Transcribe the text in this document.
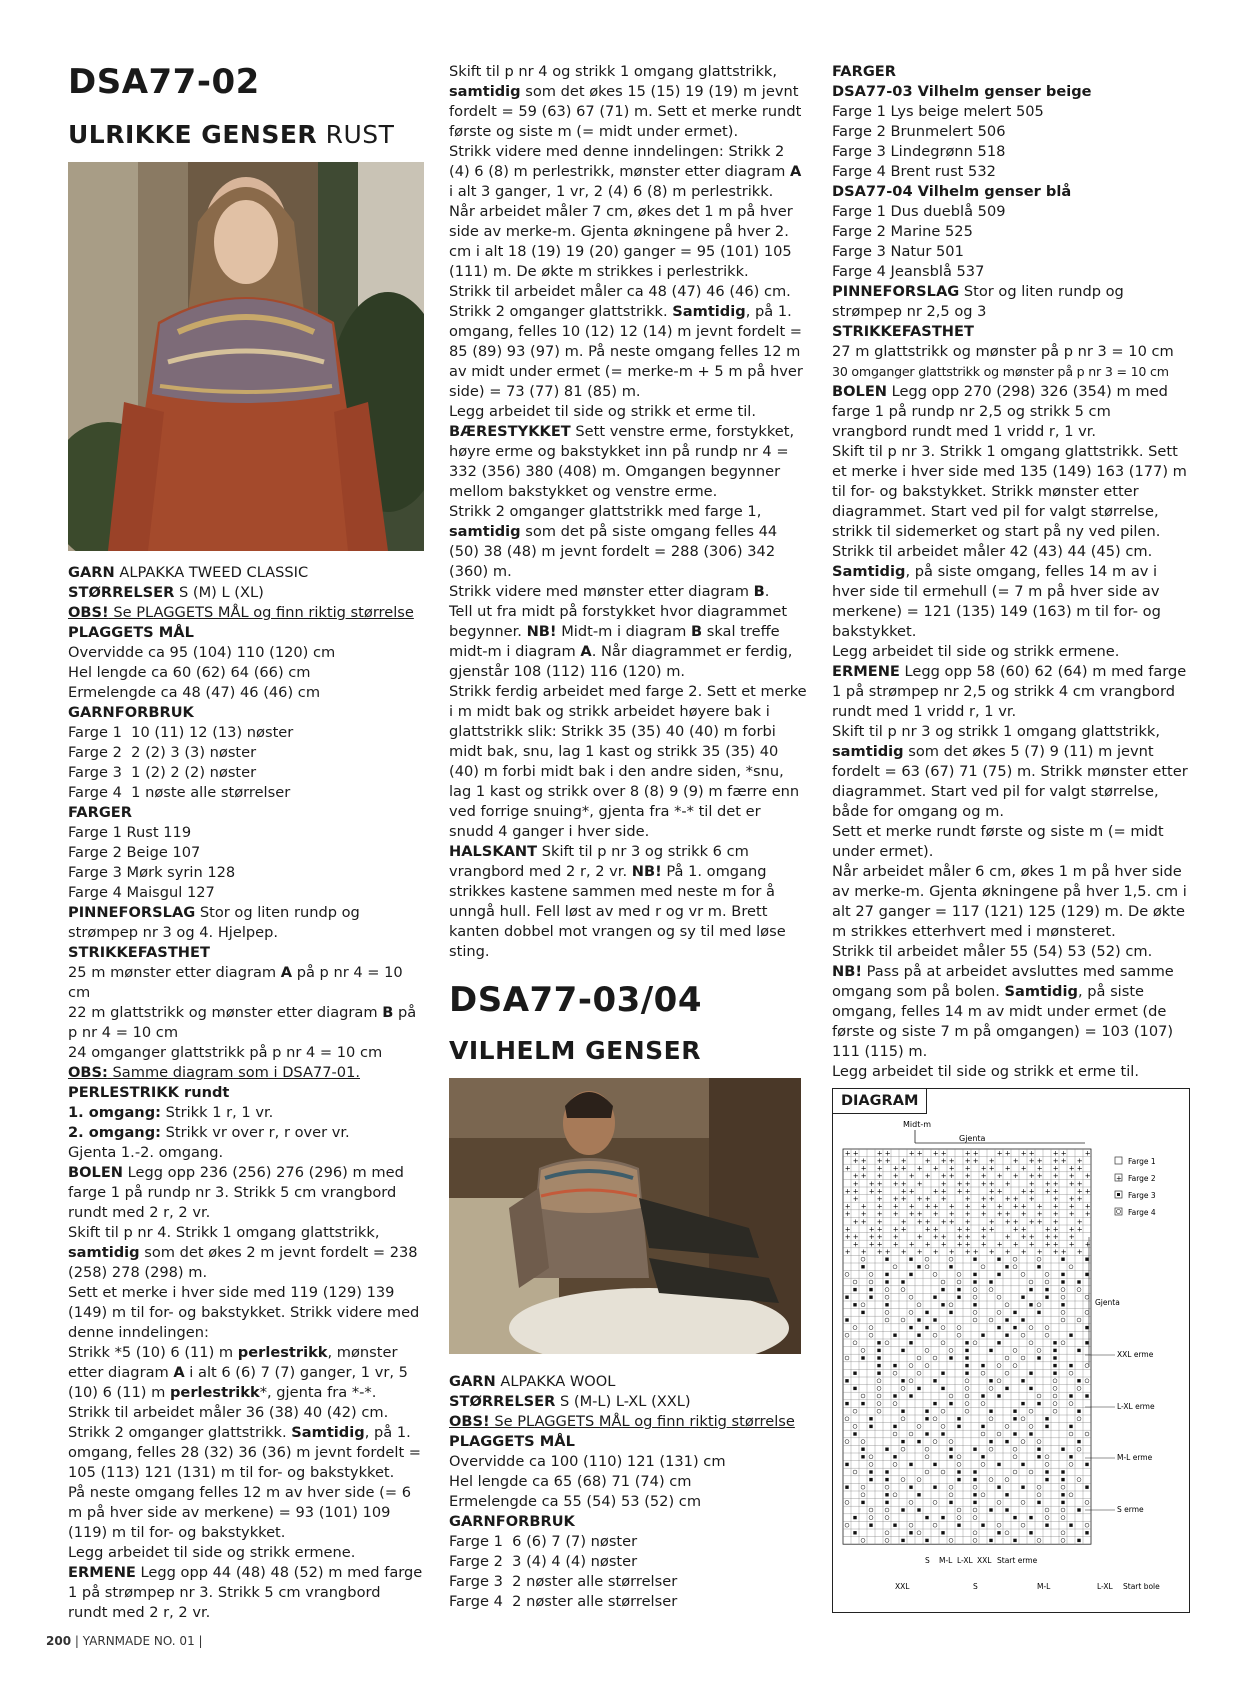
DSA77-02
ULRIKKE GENSER RUST

GARN ALPAKKA TWEED CLASSIC

STØRRELSER S (M) L (XL)

OBS! Se PLAGGETS MÅL og finn riktig størrelse

PLAGGETS MÅL

Overvidde ca 95 (104) 110 (120) cm

Hel lengde ca 60 (62) 64 (66) cm

Ermelengde ca 48 (47) 46 (46) cm

GARNFORBRUK

Farge 1  10 (11) 12 (13) nøster

Farge 2  2 (2) 3 (3) nøster

Farge 3  1 (2) 2 (2) nøster

Farge 4  1 nøste alle størrelser

FARGER

Farge 1 Rust 119

Farge 2 Beige 107

Farge 3 Mørk syrin 128

Farge 4 Maisgul 127

PINNEFORSLAG Stor og liten rundp og strømpep nr 3 og 4. Hjelpep.

STRIKKEFASTHET

25 m mønster etter diagram A på p nr 4 = 10 cm

22 m glattstrikk og mønster etter diagram B på p nr 4 = 10 cm

24 omganger glattstrikk på p nr 4 = 10 cm

OBS: Samme diagram som i DSA77-01.

PERLESTRIKK rundt

1. omgang: Strikk 1 r, 1 vr.

2. omgang: Strikk vr over r, r over vr.

Gjenta 1.-2. omgang.

BOLEN Legg opp 236 (256) 276 (296) m med farge 1 på rundp nr 3. Strikk 5 cm vrangbord rundt med 2 r, 2 vr.

Skift til p nr 4. Strikk 1 omgang glattstrikk, samtidig som det økes 2 m jevnt fordelt = 238 (258) 278 (298) m.

Sett et merke i hver side med 119 (129) 139 (149) m til for- og bakstykket. Strikk videre med denne inndelingen:

Strikk *5 (10) 6 (11) m perlestrikk, mønster etter diagram A i alt 6 (6) 7 (7) ganger, 1 vr, 5 (10) 6 (11) m perlestrikk*, gjenta fra *-*.

Strikk til arbeidet måler 36 (38) 40 (42) cm.

Strikk 2 omganger glattstrikk. Samtidig, på 1. omgang, felles 28 (32) 36 (36) m jevnt fordelt = 105 (113) 121 (131) m til for- og bakstykket.

På neste omgang felles 12 m av hver side (= 6 m på hver side av merkene) = 93 (101) 109 (119) m til for- og bakstykket.

Legg arbeidet til side og strikk ermene.

ERMENE Legg opp 44 (48) 48 (52) m med farge 1 på strømpep nr 3. Strikk 5 cm vrangbord rundt med 2 r, 2 vr.

Skift til p nr 4 og strikk 1 omgang glattstrikk, samtidig som det økes 15 (15) 19 (19) m jevnt fordelt = 59 (63) 67 (71) m. Sett et merke rundt første og siste m (= midt under ermet).

Strikk videre med denne inndelingen: Strikk 2 (4) 6 (8) m perlestrikk, mønster etter diagram A i alt 3 ganger, 1 vr, 2 (4) 6 (8) m perlestrikk.

Når arbeidet måler 7 cm, økes det 1 m på hver side av merke-m. Gjenta økningene på hver 2. cm i alt 18 (19) 19 (20) ganger = 95 (101) 105 (111) m. De økte m strikkes i perlestrikk.

Strikk til arbeidet måler ca 48 (47) 46 (46) cm.

Strikk 2 omganger glattstrikk. Samtidig, på 1. omgang, felles 10 (12) 12 (14) m jevnt fordelt = 85 (89) 93 (97) m. På neste omgang felles 12 m av midt under ermet (= merke-m + 5 m på hver side) = 73 (77) 81 (85) m.

Legg arbeidet til side og strikk et erme til.

BÆRESTYKKET Sett venstre erme, forstykket, høyre erme og bakstykket inn på rundp nr 4 = 332 (356) 380 (408) m. Omgangen begynner mellom bakstykket og venstre erme.

Strikk 2 omganger glattstrikk med farge 1, samtidig som det på siste omgang felles 44 (50) 38 (48) m jevnt fordelt = 288 (306) 342 (360) m.

Strikk videre med mønster etter diagram B.

Tell ut fra midt på forstykket hvor diagrammet begynner. NB! Midt-m i diagram B skal treffe midt-m i diagram A. Når diagrammet er ferdig, gjenstår 108 (112) 116 (120) m.

Strikk ferdig arbeidet med farge 2. Sett et merke i m midt bak og strikk arbeidet høyere bak i glattstrikk slik: Strikk 35 (35) 40 (40) m forbi midt bak, snu, lag 1 kast og strikk 35 (35) 40 (40) m forbi midt bak i den andre siden, *snu, lag 1 kast og strikk over 8 (8) 9 (9) m færre enn ved forrige snuing*, gjenta fra *-* til det er snudd 4 ganger i hver side.

HALSKANT Skift til p nr 3 og strikk 6 cm vrangbord med 2 r, 2 vr. NB! På 1. omgang strikkes kastene sammen med neste m for å unngå hull. Fell løst av med r og vr m. Brett kanten dobbel mot vrangen og sy til med løse sting.

DSA77-03/04
VILHELM GENSER

GARN ALPAKKA WOOL

STØRRELSER S (M-L) L-XL (XXL)

OBS! Se PLAGGETS MÅL og finn riktig størrelse

PLAGGETS MÅL

Overvidde ca 100 (110) 121 (131) cm

Hel lengde ca 65 (68) 71 (74) cm

Ermelengde ca 55 (54) 53 (52) cm

GARNFORBRUK

Farge 1  6 (6) 7 (7) nøster

Farge 2  3 (4) 4 (4) nøster

Farge 3  2 nøster alle størrelser

Farge 4  2 nøster alle størrelser

FARGER

DSA77-03 Vilhelm genser beige

Farge 1 Lys beige melert 505

Farge 2 Brunmelert 506

Farge 3 Lindegrønn 518

Farge 4 Brent rust 532

DSA77-04 Vilhelm genser blå

Farge 1 Dus dueblå 509

Farge 2 Marine 525

Farge 3 Natur 501

Farge 4 Jeansblå 537

PINNEFORSLAG Stor og liten rundp og strømpep nr 2,5 og 3

STRIKKEFASTHET

27 m glattstrikk og mønster på p nr 3 = 10 cm

30 omganger glattstrikk og mønster på p nr 3 = 10 cm

BOLEN Legg opp 270 (298) 326 (354) m med farge 1 på rundp nr 2,5 og strikk 5 cm vrangbord rundt med 1 vridd r, 1 vr.

Skift til p nr 3. Strikk 1 omgang glattstrikk. Sett et merke i hver side med 135 (149) 163 (177) m til for- og bakstykket. Strikk mønster etter diagrammet. Start ved pil for valgt størrelse, strikk til sidemerket og start på ny ved pilen.

Strikk til arbeidet måler 42 (43) 44 (45) cm.

Samtidig, på siste omgang, felles 14 m av i hver side til ermehull (= 7 m på hver side av merkene) = 121 (135) 149 (163) m til for- og bakstykket.

Legg arbeidet til side og strikk ermene.

ERMENE Legg opp 58 (60) 62 (64) m med farge 1 på strømpep nr 2,5 og strikk 4 cm vrangbord rundt med 1 vridd r, 1 vr.

Skift til p nr 3 og strikk 1 omgang glattstrikk, samtidig som det økes 5 (7) 9 (11) m jevnt fordelt = 63 (67) 71 (75) m. Strikk mønster etter diagrammet. Start ved pil for valgt størrelse, både for omgang og m.

Sett et merke rundt første og siste m (= midt under ermet).

Når arbeidet måler 6 cm, økes 1 m på hver side av merke-m. Gjenta økningene på hver 1,5. cm i alt 27 ganger = 117 (121) 125 (129) m. De økte m strikkes etterhvert med i mønsteret.

Strikk til arbeidet måler 55 (54) 53 (52) cm.

NB! Pass på at arbeidet avsluttes med samme omgang som på bolen. Samtidig, på siste omgang, felles 14 m av midt under ermet (de første og siste 7 m på omgangen) = 103 (107) 111 (115) m.

Legg arbeidet til side og strikk et erme til.

DIAGRAM
Midt-m
Gjenta
+ +	+ +	+ + + +	+ +	+ + + +	+ +	+
+ + + + +	+ + + + + +	+ + + + + +
+ + + + + + + + + + + + + + + + +
+ + + + + + + + + + + + + + + + +
+ + + + + +	+ + + + + +	+ + + + +
+ + + +	+ +	+ + + +	+ +	+ + + +	+ +
+	+ + + + + +	+ + + + + +	+ + +
+ + + + + + + + + + + + + + + + +
+ + + + + + + + + + + + + + + + +
+ + +	+ + + + + +	+ + + + + +	+
+	+ + + +	+ +	+ + + +	+ +	+ + + +
+ + + + +	+ + + + + +	+ + + + + +
+ + + + + + + + + + + + + + + + +
+ + + + + + + + + + + + + + + + +
Farge 1
+ Farge 2
Farge 3
Farge 4
Gjenta
XXL erme
L-XL erme
M-L erme
S erme
S M-L L-XL XXL Start erme
XXL	S	M-L	L-XL Start bole
200 | YARNMADE NO. 01 |
